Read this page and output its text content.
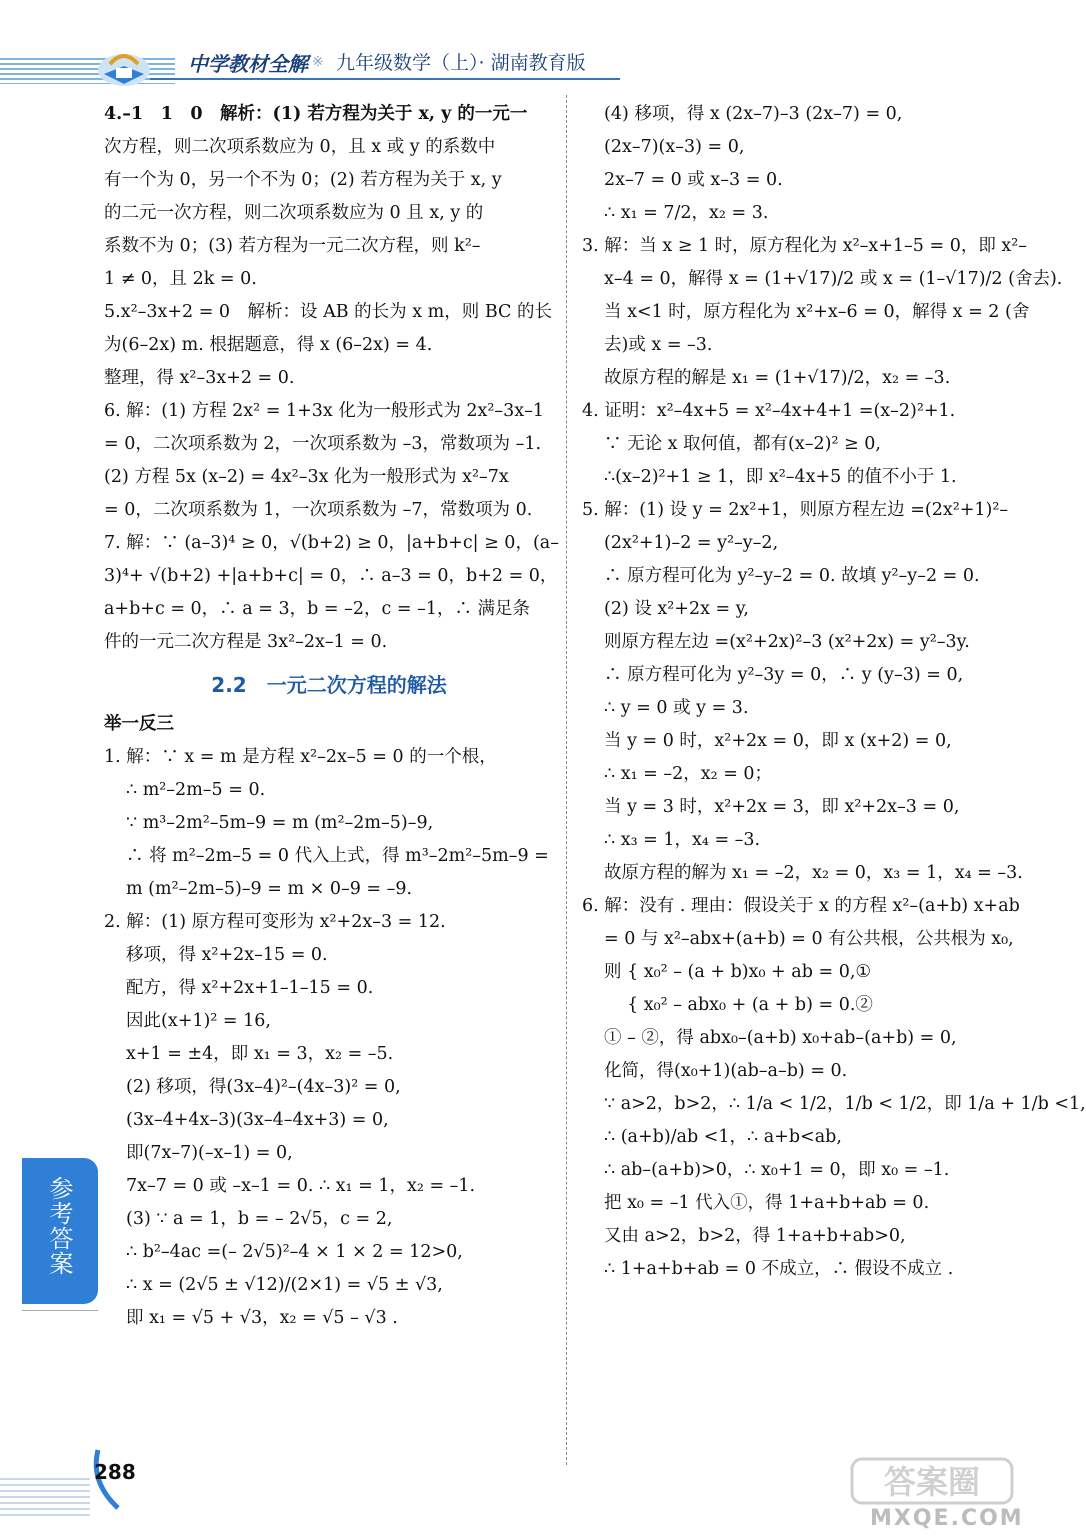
中学教材全解 ※ 九年级数学（上）· 湖南教育版

4.–1　1　0　解析：(1) 若方程为关于 x, y 的一元一

次方程，则二次项系数应为 0，且 x 或 y 的系数中

有一个为 0，另一个不为 0；(2) 若方程为关于 x, y

的二元一次方程，则二次项系数应为 0 且 x, y 的

系数不为 0；(3) 若方程为一元二次方程，则 k²–

1 ≠ 0，且 2k = 0.

5.x²–3x+2 = 0　解析：设 AB 的长为 x m，则 BC 的长

为(6–2x) m. 根据题意，得 x (6–2x) = 4.

整理，得 x²–3x+2 = 0.

6. 解：(1) 方程 2x² = 1+3x 化为一般形式为 2x²–3x–1

= 0，二次项系数为 2，一次项系数为 –3，常数项为 –1.

(2) 方程 5x (x–2) = 4x²–3x 化为一般形式为 x²–7x

= 0，二次项系数为 1，一次项系数为 –7，常数项为 0.

7. 解：∵ (a–3)⁴ ≥ 0，√(b+2) ≥ 0，|a+b+c| ≥ 0，(a–

3)⁴+ √(b+2) +|a+b+c| = 0，∴ a–3 = 0，b+2 = 0，

a+b+c = 0，∴ a = 3，b = –2，c = –1，∴ 满足条

件的一元二次方程是 3x²–2x–1 = 0.

2.2　一元二次方程的解法

举一反三

1. 解：∵ x = m 是方程 x²–2x–5 = 0 的一个根，

∴ m²–2m–5 = 0.

∵ m³–2m²–5m–9 = m (m²–2m–5)–9,

∴ 将 m²–2m–5 = 0 代入上式，得 m³–2m²–5m–9 =

m (m²–2m–5)–9 = m × 0–9 = –9.

2. 解：(1) 原方程可变形为 x²+2x–3 = 12.

移项，得 x²+2x–15 = 0.

配方，得 x²+2x+1–1–15 = 0.

因此(x+1)² = 16,

x+1 = ±4，即 x₁ = 3，x₂ = –5.

(2) 移项，得(3x–4)²–(4x–3)² = 0,

(3x–4+4x–3)(3x–4–4x+3) = 0,

即(7x–7)(–x–1) = 0,

7x–7 = 0 或 –x–1 = 0. ∴ x₁ = 1，x₂ = –1.

(3) ∵ a = 1，b = – 2√5，c = 2,

∴ b²–4ac =(– 2√5)²–4 × 1 × 2 = 12>0,

∴ x = (2√5 ± √12)/(2×1) = √5 ± √3,

即 x₁ = √5 + √3，x₂ = √5 – √3 .

(4) 移项，得 x (2x–7)–3 (2x–7) = 0,

(2x–7)(x–3) = 0,

2x–7 = 0 或 x–3 = 0.

∴ x₁ = 7/2，x₂ = 3.

3. 解：当 x ≥ 1 时，原方程化为 x²–x+1–5 = 0，即 x²–

x–4 = 0，解得 x = (1+√17)/2 或 x = (1–√17)/2 (舍去).

当 x<1 时，原方程化为 x²+x–6 = 0，解得 x = 2 (舍

去)或 x = –3.

故原方程的解是 x₁ = (1+√17)/2，x₂ = –3.

4. 证明：x²–4x+5 = x²–4x+4+1 =(x–2)²+1.

∵ 无论 x 取何值，都有(x–2)² ≥ 0,

∴(x–2)²+1 ≥ 1，即 x²–4x+5 的值不小于 1.

5. 解：(1) 设 y = 2x²+1，则原方程左边 =(2x²+1)²–

(2x²+1)–2 = y²–y–2,

∴ 原方程可化为 y²–y–2 = 0. 故填 y²–y–2 = 0.

(2) 设 x²+2x = y,

则原方程左边 =(x²+2x)²–3 (x²+2x) = y²–3y.

∴ 原方程可化为 y²–3y = 0，∴ y (y–3) = 0,

∴ y = 0 或 y = 3.

当 y = 0 时，x²+2x = 0，即 x (x+2) = 0,

∴ x₁ = –2，x₂ = 0；

当 y = 3 时，x²+2x = 3，即 x²+2x–3 = 0,

∴ x₃ = 1，x₄ = –3.

故原方程的解为 x₁ = –2，x₂ = 0，x₃ = 1，x₄ = –3.

6. 解：没有 . 理由：假设关于 x 的方程 x²–(a+b) x+ab

= 0 与 x²–abx+(a+b) = 0 有公共根，公共根为 x₀,

则 { x₀² – (a + b)x₀ + ab = 0,①

　 { x₀² – abx₀ + (a + b) = 0.②

① – ②，得 abx₀–(a+b) x₀+ab–(a+b) = 0,

化简，得(x₀+1)(ab–a–b) = 0.

∵ a>2，b>2，∴ 1/a < 1/2，1/b < 1/2，即 1/a + 1/b <1,

∴ (a+b)/ab <1，∴ a+b<ab,

∴ ab–(a+b)>0，∴ x₀+1 = 0，即 x₀ = –1.

把 x₀ = –1 代入①，得 1+a+b+ab = 0.

又由 a>2，b>2，得 1+a+b+ab>0,

∴ 1+a+b+ab = 0 不成立，∴ 假设不成立 .

参考答案
288	答案圈
MXQE.COM
